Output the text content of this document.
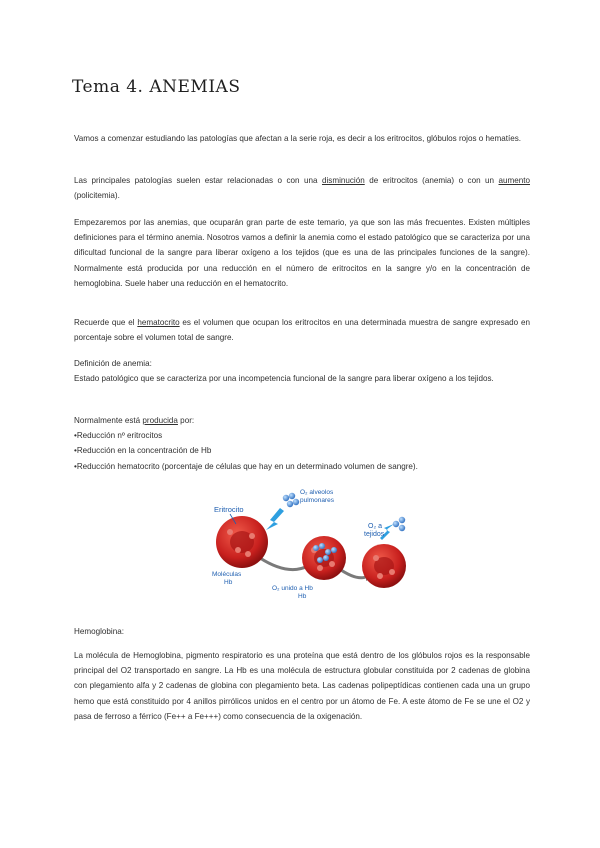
Tema 4. ANEMIAS
Vamos a comenzar estudiando las patologías que afectan a la serie roja, es decir a los eritrocitos, glóbulos rojos o hematíes.
Las principales patologías suelen estar relacionadas o con una disminución de eritrocitos (anemia) o con un aumento (policitemia).
Empezaremos por las anemias, que ocuparán gran parte de este temario, ya que son las más frecuentes. Existen múltiples definiciones para el término anemia. Nosotros vamos a definir la anemia como el estado patológico que se caracteriza por una dificultad funcional de la sangre para liberar oxígeno a los tejidos (que es una de las principales funciones de la sangre). Normalmente está producida por una reducción en el número de eritrocitos en la sangre y/o en la concentración de hemoglobina. Suele haber una reducción en el hematocrito.
Recuerde que el hematocrito es el volumen que ocupan los eritrocitos en una determinada muestra de sangre expresado en porcentaje sobre el volumen total de sangre.
Definición de anemia:
Estado patológico que se caracteriza por una incompetencia funcional de la sangre para liberar oxígeno a los tejidos.
Normalmente está producida por:
•Reducción nº eritrocitos
•Reducción en la concentración de Hb
•Reducción hematocrito (porcentaje de células que hay en un determinado volumen de sangre).
Eritrocito
O₂ alveolos
pulmonares
O₂ a
tejidos
Moléculas
Hb
O₂ unido a Hb
Hb
Hemoglobina:
La molécula de Hemoglobina, pigmento respiratorio es una proteína que está dentro de los glóbulos rojos es la responsable principal del O2 transportado en sangre. La Hb es una molécula de estructura globular constituida por 2 cadenas de globina con plegamiento alfa y 2 cadenas de globina con plegamiento beta. Las cadenas polipeptídicas contienen cada una un grupo hemo que está constituido por 4 anillos pirrólicos unidos en el centro por un átomo de Fe. A este átomo de Fe se une el O2 y pasa de ferroso a férrico (Fe++ a Fe+++) como consecuencia de la oxigenación.
